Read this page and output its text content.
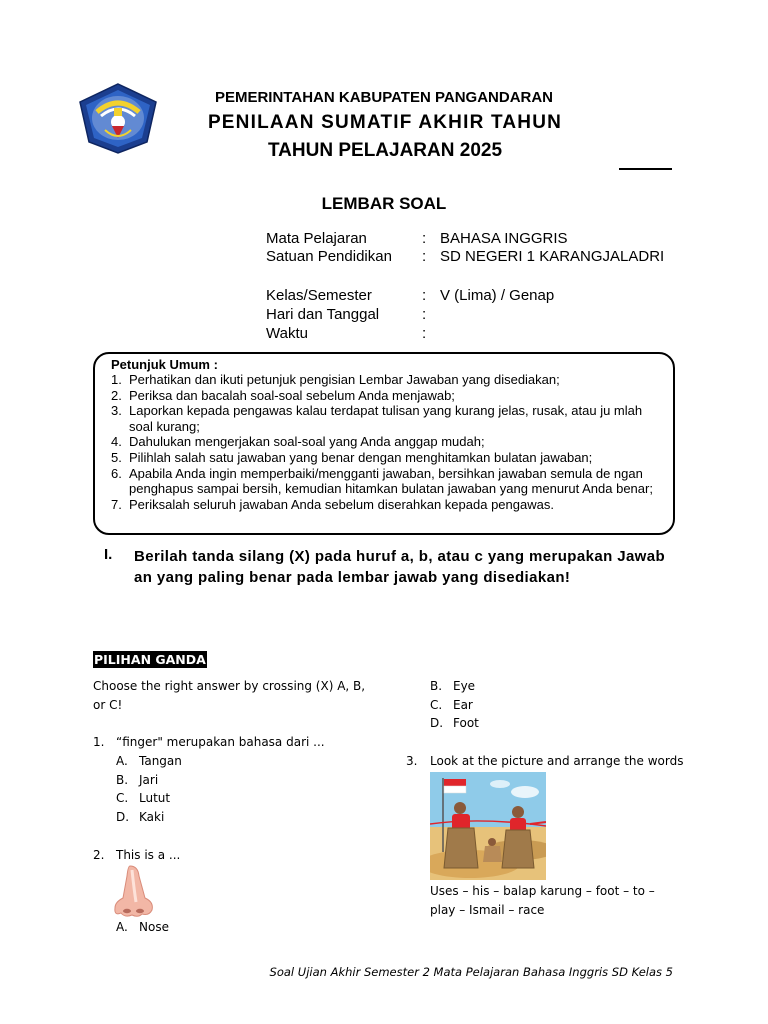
PEMERINTAHAN KABUPATEN PANGANDARAN
PENILAAN SUMATIF AKHIR TAHUN
TAHUN PELAJARAN 2025
LEMBAR SOAL
Mata Pelajaran	: BAHASA INGGRIS
Satuan Pendidikan	: SD NEGERI 1 KARANGJALADRI
Kelas/Semester	: V (Lima) / Genap
Hari dan Tanggal	:
Waktu	:
Petunjuk Umum :
1. Perhatikan dan ikuti petunjuk pengisian Lembar Jawaban yang disediakan;
2. Periksa dan bacalah soal-soal sebelum Anda menjawab;
3. Laporkan kepada pengawas kalau terdapat tulisan yang kurang jelas, rusak, atau ju mlah soal kurang;
4. Dahulukan mengerjakan soal-soal yang Anda anggap mudah;
5. Pilihlah salah satu jawaban yang benar dengan menghitamkan bulatan jawaban;
6. Apabila Anda ingin memperbaiki/mengganti jawaban, bersihkan jawaban semula de ngan penghapus sampai bersih, kemudian hitamkan bulatan jawaban yang menurut Anda benar;
7. Periksalah seluruh jawaban Anda sebelum diserahkan kepada pengawas.
I. Berilah tanda silang (X) pada huruf a, b, atau c yang merupakan Jawab an yang paling benar pada lembar jawab yang disediakan!
PILIHAN GANDA
Choose the right answer by crossing (X) A, B,
or C!
1. “finger" merupakan bahasa dari ...
A. Tangan
B. Jari
C. Lutut
D. Kaki
2. This is a ...
A. Nose
B. Eye
C. Ear
D. Foot
3. Look at the picture and arrange the words
Uses – his – balap karung – foot – to –
play – Ismail – race
Soal Ujian Akhir Semester 2 Mata Pelajaran Bahasa Inggris SD Kelas 5
